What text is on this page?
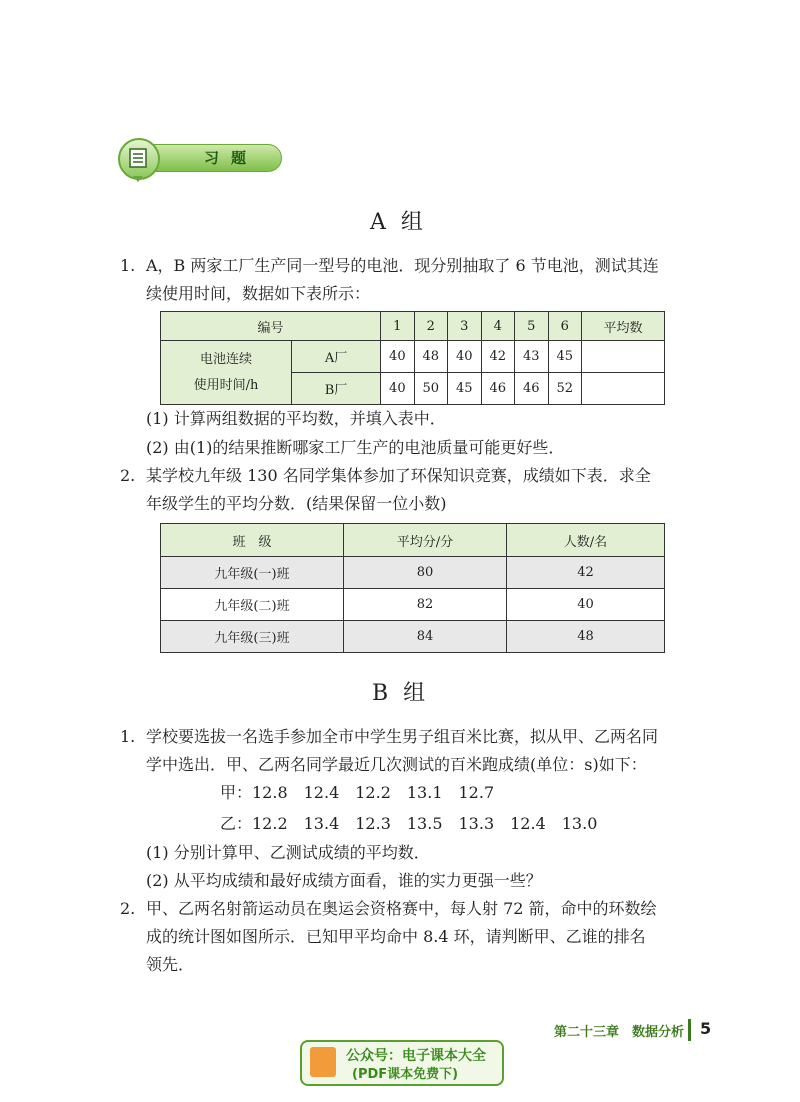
习题
A 组
1. A，B 两家工厂生产同一型号的电池．现分别抽取了 6 节电池，测试其连
续使用时间，数据如下表所示：
编号		1	2	3	4	5	6	平均数

电池连续
使用时间/h	A厂	40	48	40	42	43	45	
	B厂	40	50	45	46	46	52	
(1) 计算两组数据的平均数，并填入表中．
(2) 由(1)的结果推断哪家工厂生产的电池质量可能更好些．
2. 某学校九年级 130 名同学集体参加了环保知识竞赛，成绩如下表．求全
年级学生的平均分数．(结果保留一位小数)
班　级	平均分/分	人数/名
九年级(一)班	80	42
九年级(二)班	82	40
九年级(三)班	84	48
B 组
1. 学校要选拔一名选手参加全市中学生男子组百米比赛，拟从甲、乙两名同
学中选出．甲、乙两名同学最近几次测试的百米跑成绩(单位：s)如下：
甲：12.8　12.4　12.2　13.1　12.7
乙：12.2　13.4　12.3　13.5　13.3　12.4　13.0
(1) 分别计算甲、乙测试成绩的平均数．
(2) 从平均成绩和最好成绩方面看，谁的实力更强一些？
2. 甲、乙两名射箭运动员在奥运会资格赛中，每人射 72 箭，命中的环数绘
成的统计图如图所示．已知甲平均命中 8.4 环，请判断甲、乙谁的排名
领先．
第二十三章　数据分析 5
公众号：电子课本大全
(PDF课本免费下)
